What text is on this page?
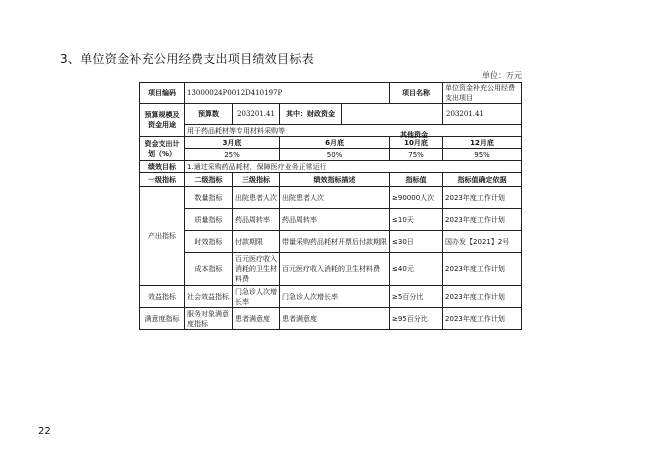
3、单位资金补充公用经费支出项目绩效目标表
单位：万元
项目编码	13000024P0012D410197P			项目名称	单位资金补充公用经费支出项目
预算规模及资金用途	预算数	203201.41	其中：财政资金		203201.41

	用于药品耗材等专用材料采购等				
资金支出计划（%）	3月底		6月底	10月底	12月底
	25%		50%	75%	95%
绩效目标	1.通过采购药品耗材，保障医疗业务正常运行				
一级指标	二级指标	三级指标	绩效指标描述	指标值	指标值确定依据
产出指标	数量指标	出院患者人次	出院患者人次	≥90000人次	2023年度工作计划
	质量指标	药品周转率	药品周转率	≤10天	2023年度工作计划
	时效指标	付款期限	带量采购药品耗材开票后付款期限	≤30日	国办发【2021】2号
	成本指标	百元医疗收入消耗的卫生材料费	百元医疗收入消耗的卫生材料费	≤40元	2023年度工作计划
效益指标	社会效益指标	门急诊人次增长率	门急诊人次增长率	≥5百分比	2023年度工作计划
满意度指标	服务对象满意度指标	患者满意度	患者满意度	≥95百分比	2023年度工作计划
其他资金
22
